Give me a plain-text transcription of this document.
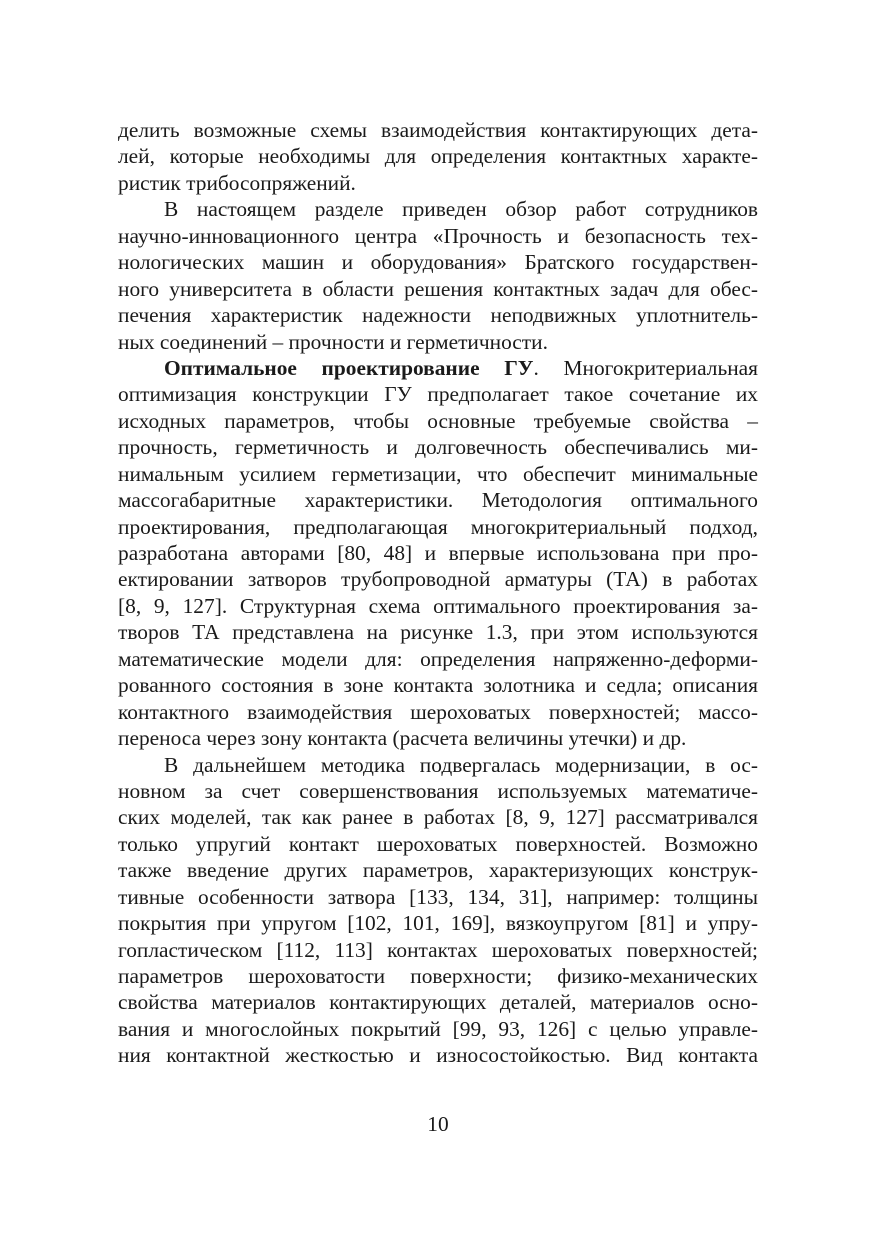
делить возможные схемы взаимодействия контактирующих дета-
лей, которые необходимы для определения контактных характе-
ристик трибосопряжений.
В настоящем разделе приведен обзор работ сотрудников
научно-инновационного центра «Прочность и безопасность тех-
нологических машин и оборудования» Братского государствен-
ного университета в области решения контактных задач для обес-
печения характеристик надежности неподвижных уплотнитель-
ных соединений – прочности и герметичности.
Оптимальное проектирование ГУ. Многокритериальная
оптимизация конструкции ГУ предполагает такое сочетание их
исходных параметров, чтобы основные требуемые свойства –
прочность, герметичность и долговечность обеспечивались ми-
нимальным усилием герметизации, что обеспечит минимальные
массогабаритные характеристики. Методология оптимального
проектирования, предполагающая многокритериальный подход,
разработана авторами [80, 48] и впервые использована при про-
ектировании затворов трубопроводной арматуры (ТА) в работах
[8, 9, 127]. Структурная схема оптимального проектирования за-
творов ТА представлена на рисунке 1.3, при этом используются
математические модели для: определения напряженно-деформи-
рованного состояния в зоне контакта золотника и седла; описания
контактного взаимодействия шероховатых поверхностей; массо-
переноса через зону контакта (расчета величины утечки) и др.
В дальнейшем методика подвергалась модернизации, в ос-
новном за счет совершенствования используемых математиче-
ских моделей, так как ранее в работах [8, 9, 127] рассматривался
только упругий контакт шероховатых поверхностей. Возможно
также введение других параметров, характеризующих конструк-
тивные особенности затвора [133, 134, 31], например: толщины
покрытия при упругом [102, 101, 169], вязкоупругом [81] и упру-
гопластическом [112, 113] контактах шероховатых поверхностей;
параметров шероховатости поверхности; физико-механических
свойства материалов контактирующих деталей, материалов осно-
вания и многослойных покрытий [99, 93, 126] с целью управле-
ния контактной жесткостью и износостойкостью. Вид контакта
10
